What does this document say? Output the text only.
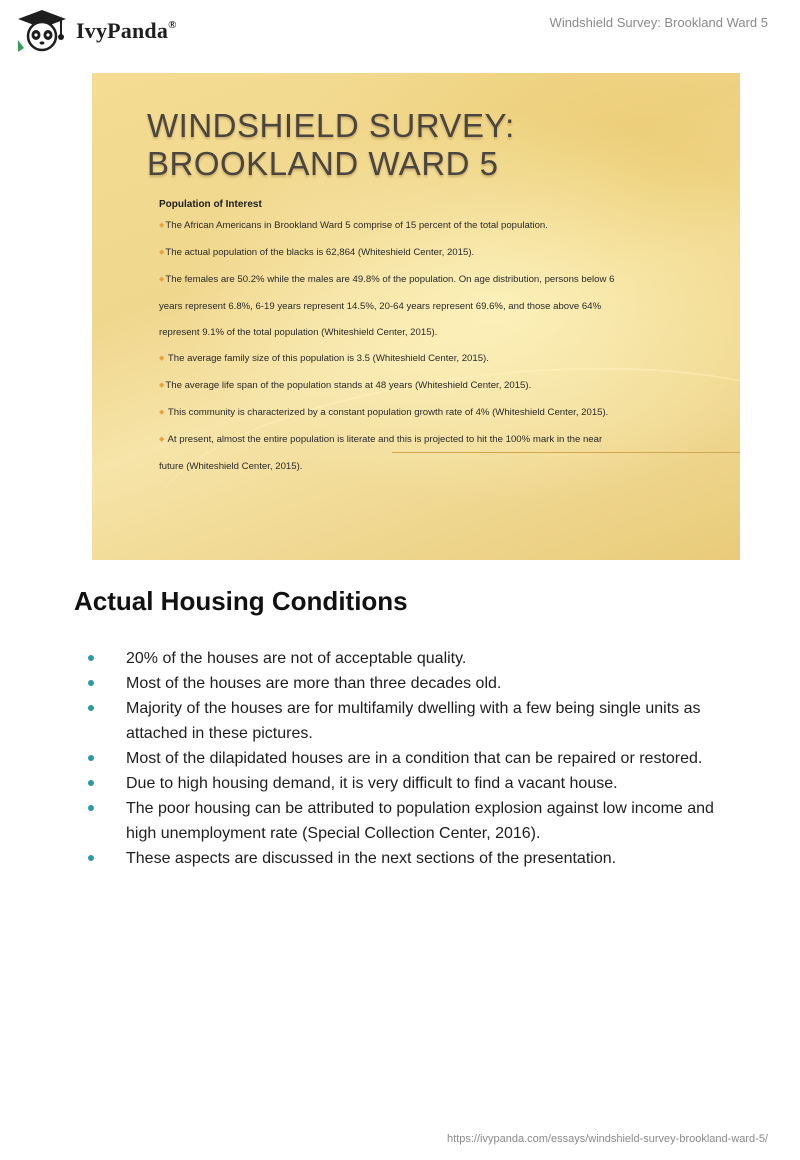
IvyPanda®	Windshield Survey: Brookland Ward 5
WINDSHIELD SURVEY:
BROOKLAND WARD 5
Population of Interest
◆The African Americans in Brookland Ward 5 comprise of 15 percent of the total population.
◆The actual population of the blacks is 62,864 (Whiteshield Center, 2015).
◆The females are 50.2% while the males are 49.8% of the population. On age distribution, persons below 6
years represent 6.8%, 6-19 years represent 14.5%, 20-64 years represent 69.6%, and those above 64%
represent 9.1% of the total population (Whiteshield Center, 2015).
◆ The average family size of this population is 3.5 (Whiteshield Center, 2015).
◆The average life span of the population stands at 48 years (Whiteshield Center, 2015).
◆ This community is characterized by a constant population growth rate of 4% (Whiteshield Center, 2015).
◆ At present, almost the entire population is literate and this is projected to hit the 100% mark in the near
future (Whiteshield Center, 2015).
Actual Housing Conditions
20% of the houses are not of acceptable quality.
Most of the houses are more than three decades old.
Majority of the houses are for multifamily dwelling with a few being single units as attached in these pictures.
Most of the dilapidated houses are in a condition that can be repaired or restored.
Due to high housing demand, it is very difficult to find a vacant house.
The poor housing can be attributed to population explosion against low income and high unemployment rate (Special Collection Center, 2016).
These aspects are discussed in the next sections of the presentation.
https://ivypanda.com/essays/windshield-survey-brookland-ward-5/
